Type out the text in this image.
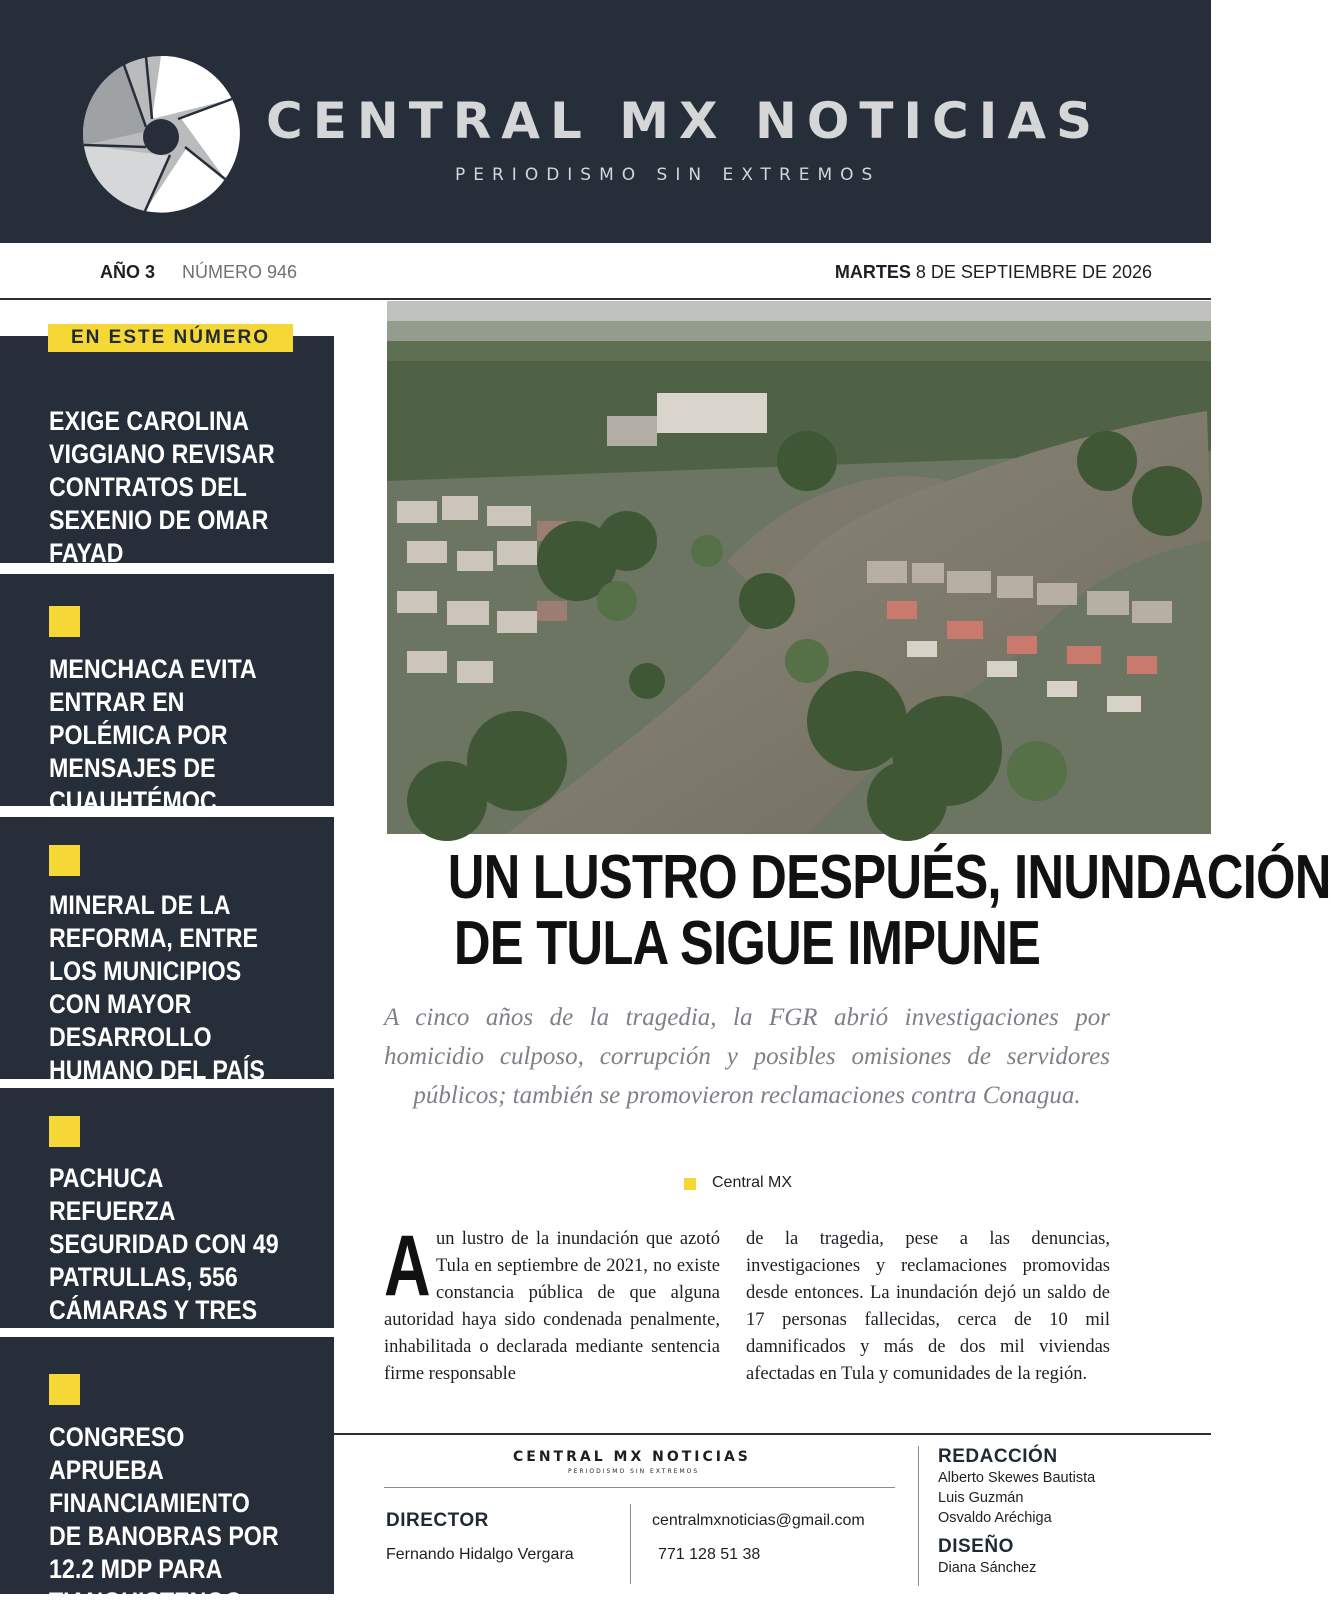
CENTRAL MX NOTICIAS
PERIODISMO SIN EXTREMOS
AÑO 3 NÚMERO 946	MARTES 8 DE SEPTIEMBRE DE 2026
EXIGE CAROLINA VIGGIANO REVISAR CONTRATOS DEL SEXENIO DE OMAR FAYAD
EN ESTE NÚMERO
MENCHACA EVITA ENTRAR EN POLÉMICA POR MENSAJES DE CUAUHTÉMOC
MINERAL DE LA REFORMA, ENTRE LOS MUNICIPIOS CON MAYOR DESARROLLO HUMANO DEL PAÍS
PACHUCA REFUERZA SEGURIDAD CON 49 PATRULLAS, 556 CÁMARAS Y TRES
CONGRESO APRUEBA FINANCIAMIENTO DE BANOBRAS POR 12.2 MDP PARA TIANGUISTENGO
UN LUSTRO DESPUÉS, INUNDACIÓN
DE TULA SIGUE IMPUNE
A cinco años de la tragedia, la FGR abrió investigaciones por homicidio culposo, corrupción y posibles omisiones de servidores públicos; también se promovieron reclamaciones contra Conagua.
Central MX
A un lustro de la inundación que azotó Tula en septiembre de 2021, no existe constancia pública de que alguna autoridad haya sido condenada penalmente, inhabilitada o declarada mediante sentencia firme responsable
de la tragedia, pese a las denuncias, investigaciones y reclamaciones promovidas desde entonces. La inundación dejó un saldo de 17 personas fallecidas, cerca de 10 mil damnificados y más de dos mil viviendas afectadas en Tula y comunidades de la región.
CENTRAL MX NOTICIAS
PERIODISMO SIN EXTREMOS
DIRECTOR
Fernando Hidalgo Vergara
centralmxnoticias@gmail.com
771 128 51 38
REDACCIÓN
Alberto Skewes Bautista
Luis Guzmán
Osvaldo Aréchiga
DISEÑO
Diana Sánchez
